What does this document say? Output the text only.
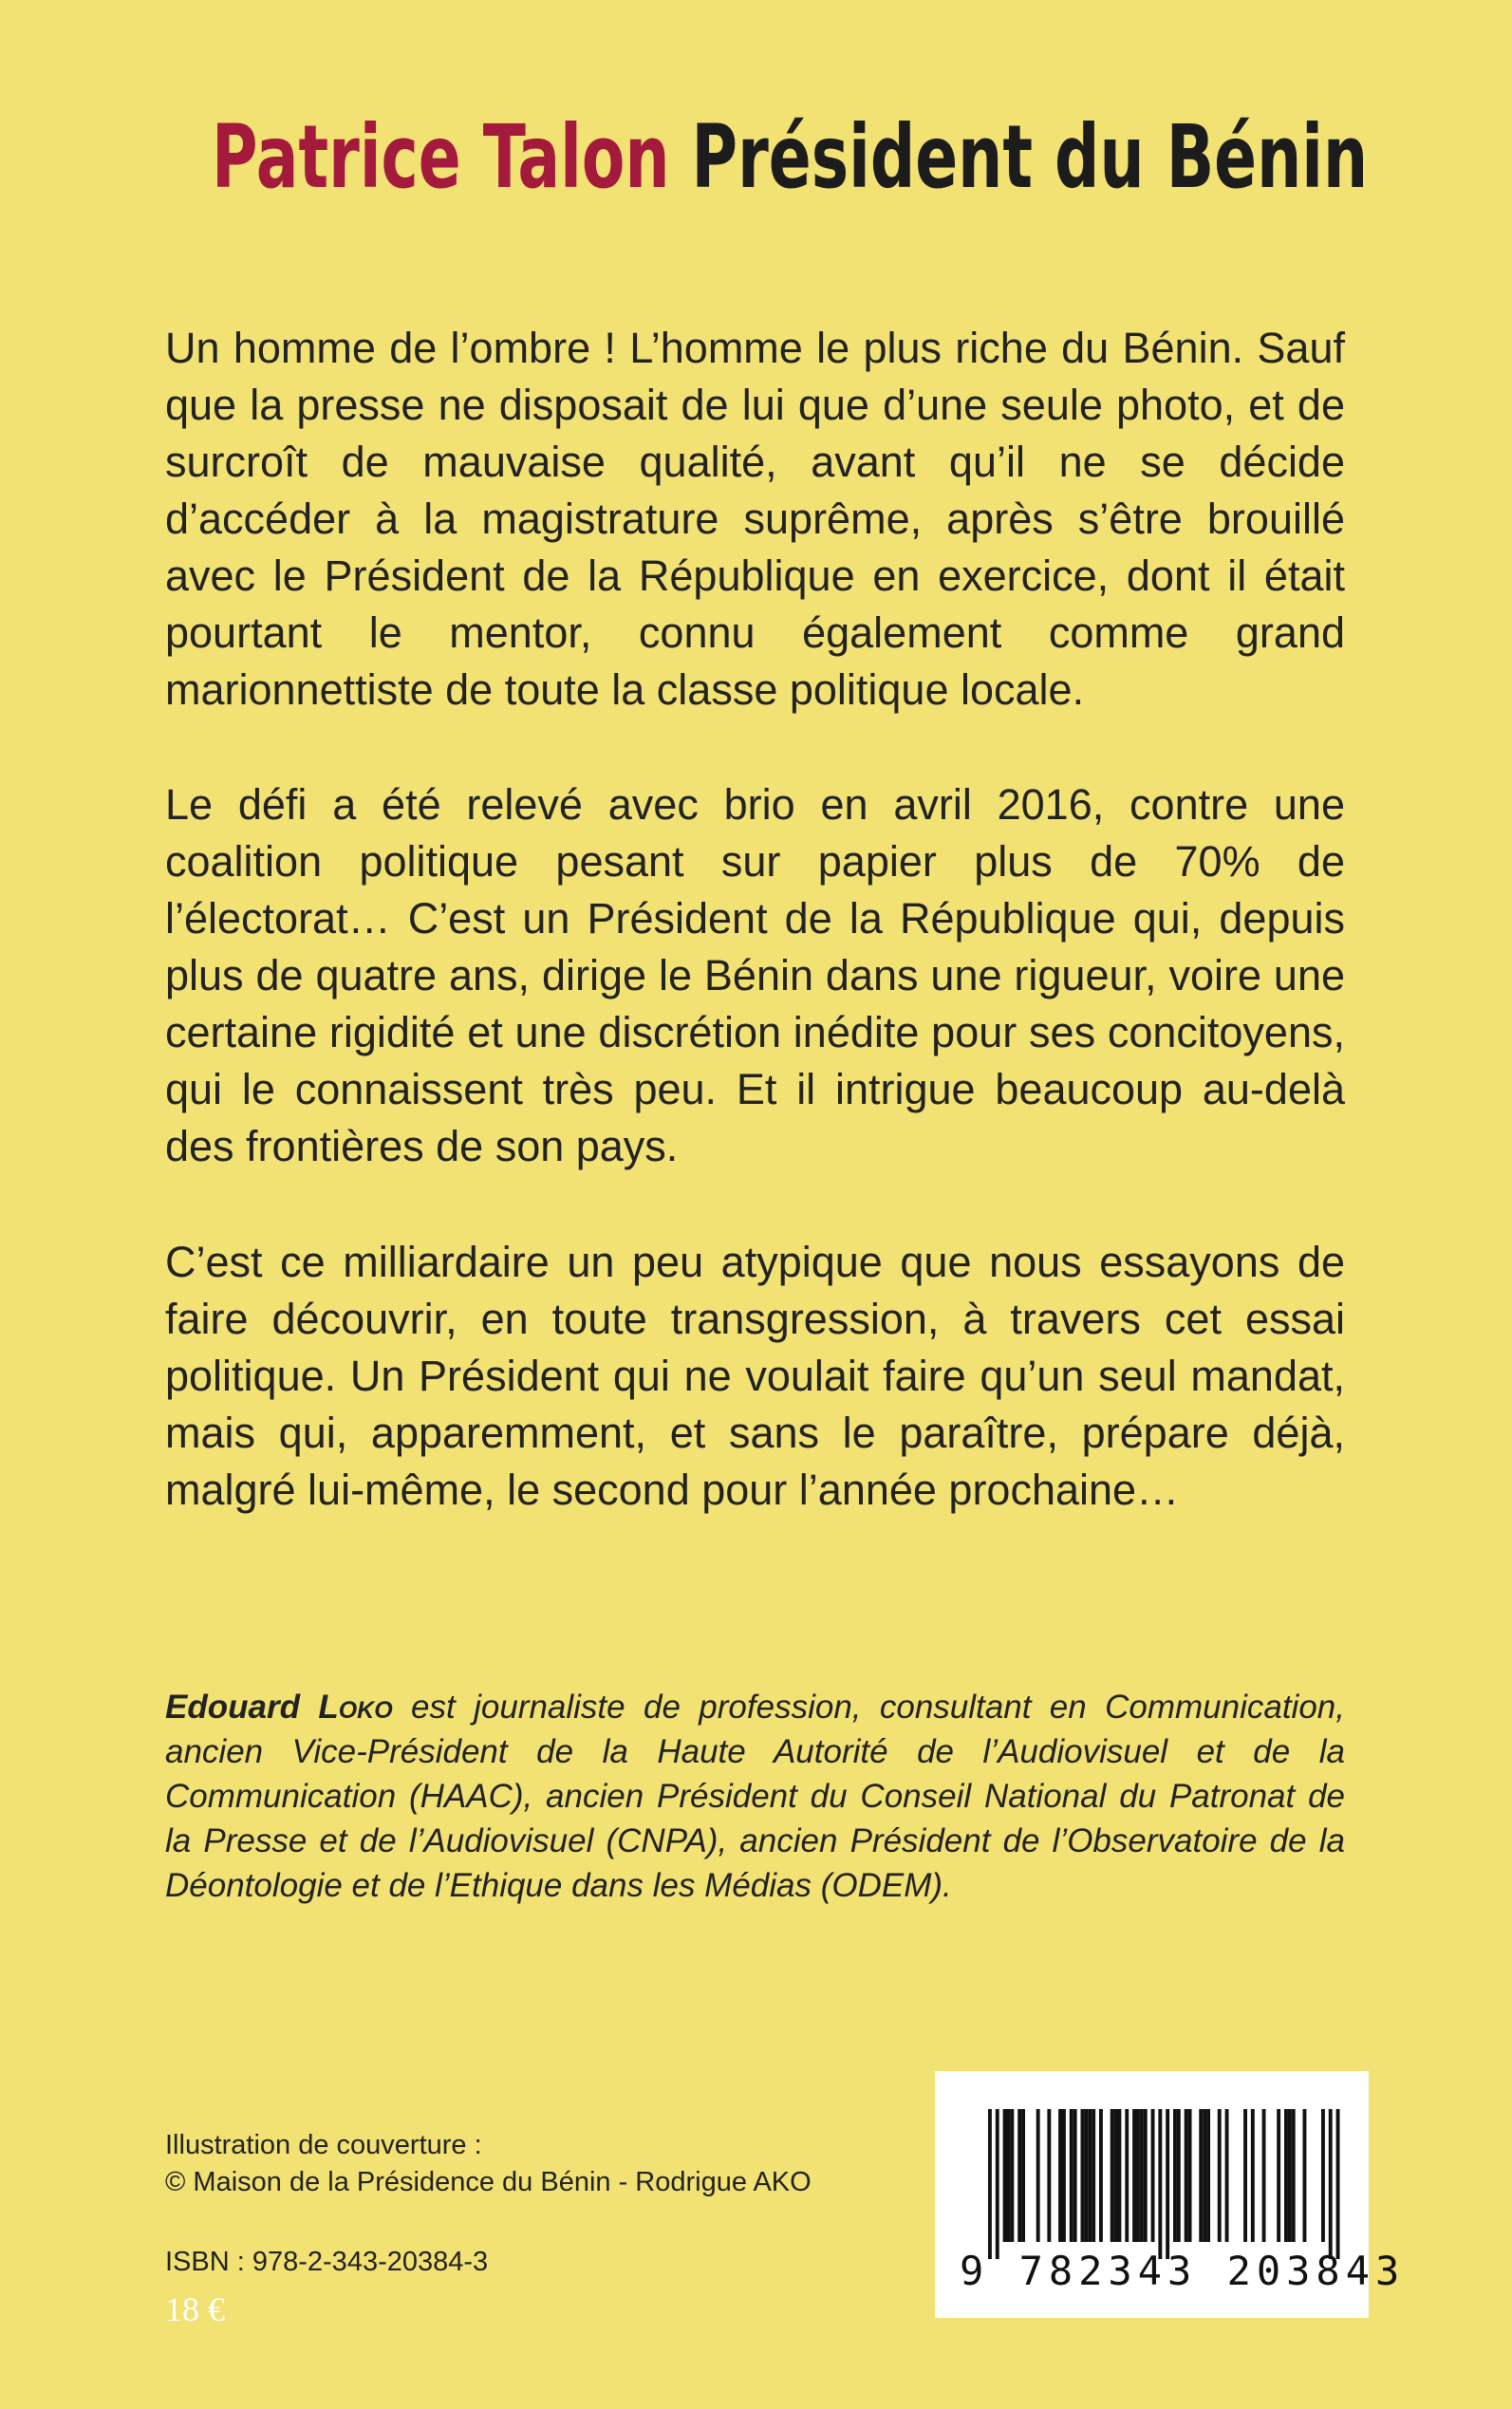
Patrice Talon Président du Bénin

Un homme de l’ombre ! L’homme le plus riche du Bénin. Sauf que la presse ne disposait de lui que d’une seule photo, et de surcroît de mauvaise qualité, avant qu’il ne se décide d’accéder à la magistrature suprême, après s’être brouillé avec le Président de la République en exercice, dont il était pourtant le mentor, connu également comme grand marionnettiste de toute la classe politique locale.

Le défi a été relevé avec brio en avril 2016, contre une coalition politique pesant sur papier plus de 70% de l’électorat… C’est un Président de la République qui, depuis plus de quatre ans, dirige le Bénin dans une rigueur, voire une certaine rigidité et une discrétion inédite pour ses concitoyens, qui le connaissent très peu. Et il intrigue beaucoup au-delà des frontières de son pays.

C’est ce milliardaire un peu atypique que nous essayons de faire découvrir, en toute transgression, à travers cet essai politique. Un Président qui ne voulait faire qu’un seul mandat, mais qui, apparemment, et sans le paraître, prépare déjà, malgré lui-même, le second pour l’année prochaine…

Edouard Loko est journaliste de profession, consultant en Communication, ancien Vice-Président de la Haute Autorité de l’Audiovisuel et de la Communication (HAAC), ancien Président du Conseil National du Patronat de la Presse et de l’Audiovisuel (CNPA), ancien Président de l’Observatoire de la Déontologie et de l’Ethique dans les Médias (ODEM).

Illustration de couverture :
© Maison de la Présidence du Bénin - Rodrigue AKO
ISBN : 978-2-343-20384-3
18 €
9 782343 203843
